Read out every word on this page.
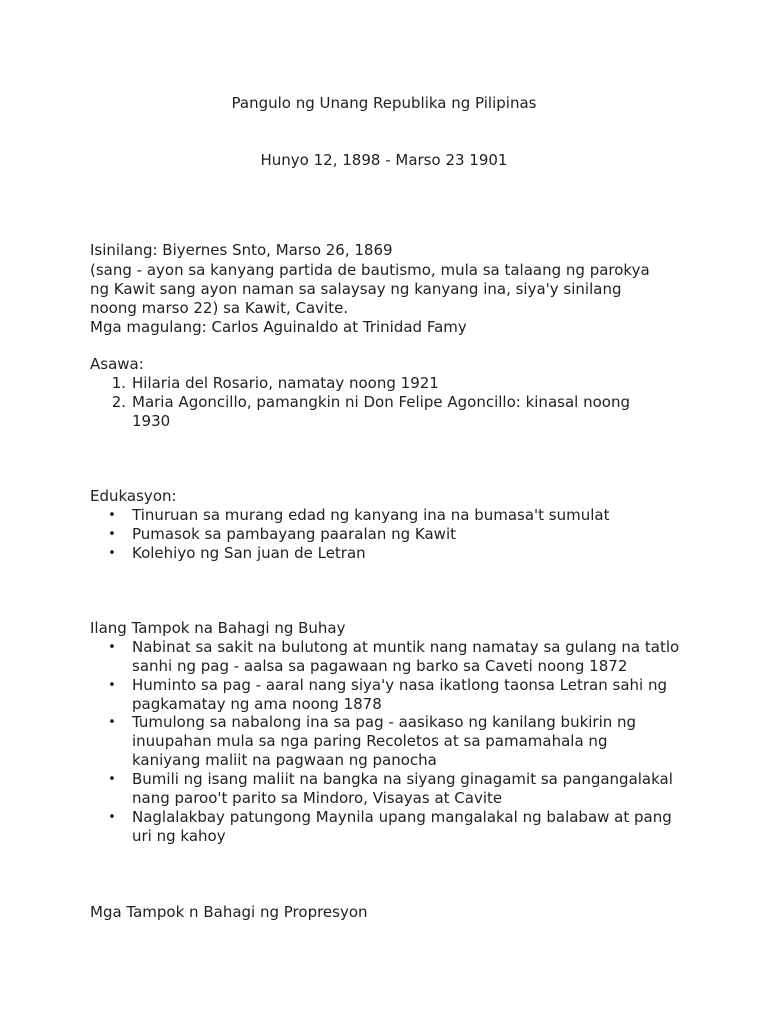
Pangulo ng Unang Republika ng Pilipinas

Hunyo 12, 1898 - Marso 23 1901

Isinilang: Biyernes Snto, Marso 26, 1869

(sang - ayon sa kanyang partida de bautismo, mula sa talaang ng parokya

ng Kawit sang ayon naman sa salaysay ng kanyang ina, siya'y sinilang

noong marso 22) sa Kawit, Cavite.

Mga magulang: Carlos Aguinaldo at Trinidad Famy

Asawa:

1. Hilaria del Rosario, namatay noong 1921

2. Maria Agoncillo, pamangkin ni Don Felipe Agoncillo: kinasal noong 1930

Edukasyon:

• Tinuruan sa murang edad ng kanyang ina na bumasa't sumulat

• Pumasok sa pambayang paaralan ng Kawit

• Kolehiyo ng San juan de Letran

Ilang Tampok na Bahagi ng Buhay

• Nabinat sa sakit na bulutong at muntik nang namatay sa gulang na tatlo sanhi ng pag - aalsa sa pagawaan ng barko sa Caveti noong 1872

• Huminto sa pag - aaral nang siya'y nasa ikatlong taonsa Letran sahi ng pagkamatay ng ama noong 1878

• Tumulong sa nabalong ina sa pag - aasikaso ng kanilang bukirin ng inuupahan mula sa nga paring Recoletos at sa pamamahala ng kaniyang maliit na pagwaan ng panocha

• Bumili ng isang maliit na bangka na siyang ginagamit sa pangangalakal nang paroo't parito sa Mindoro, Visayas at Cavite

• Naglalakbay patungong Maynila upang mangalakal ng balabaw at pang uri ng kahoy

Mga Tampok n Bahagi ng Propresyon
